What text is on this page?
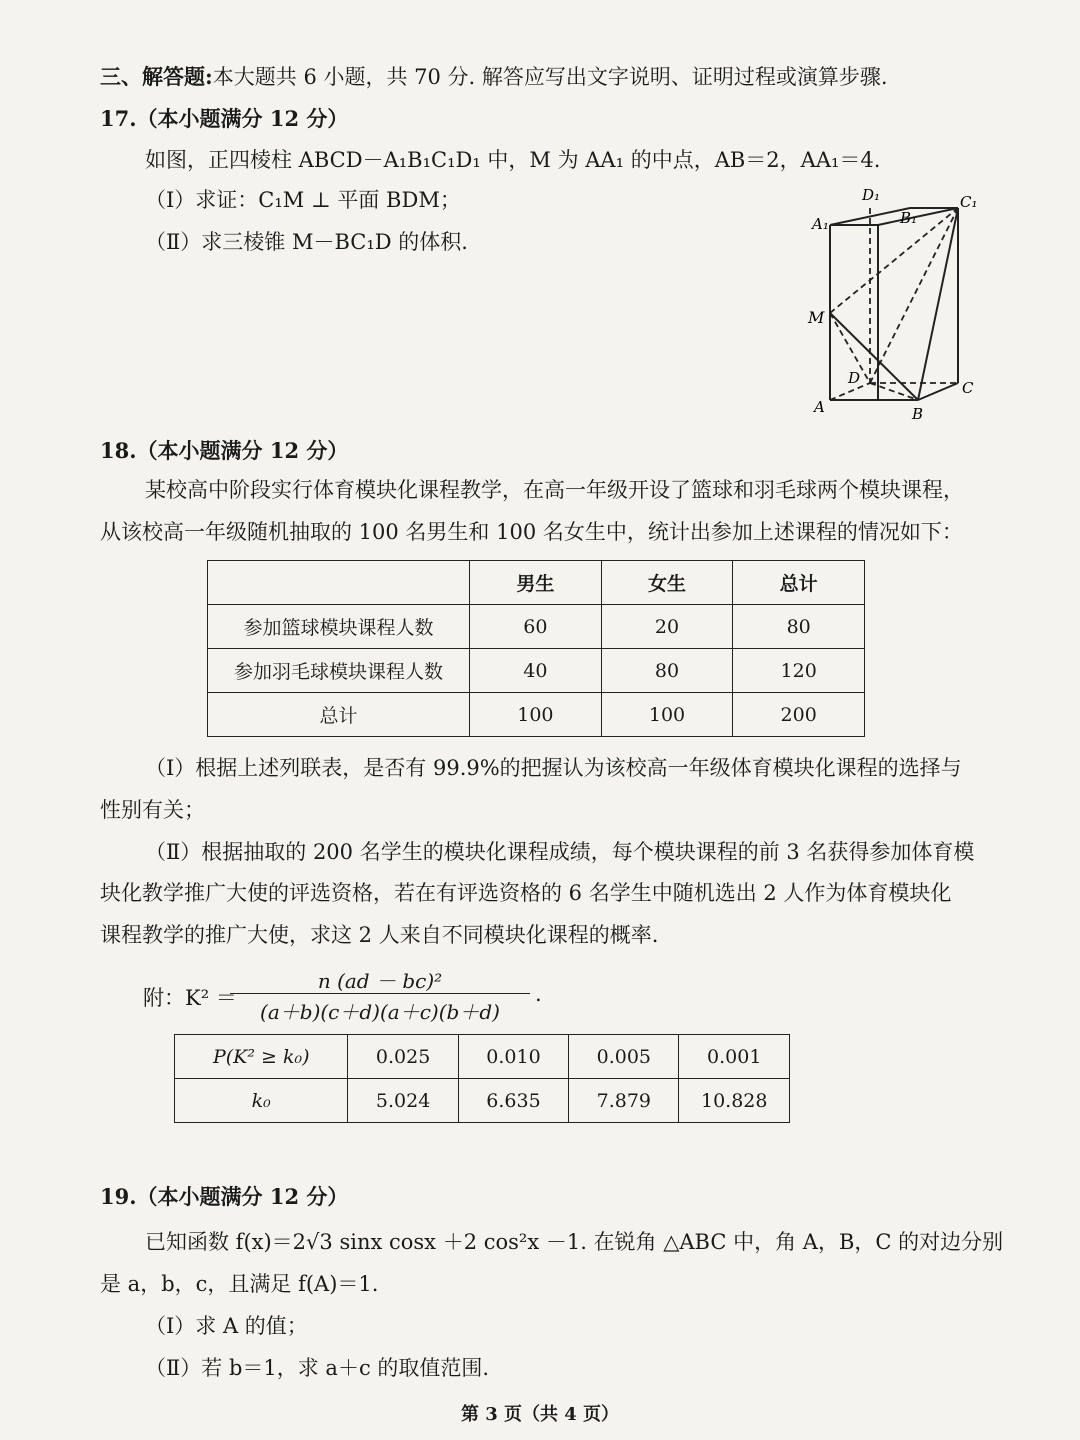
三、解答题:本大题共 6 小题，共 70 分. 解答应写出文字说明、证明过程或演算步骤.
17.（本小题满分 12 分）
如图，正四棱柱 ABCD－A₁B₁C₁D₁ 中，M 为 AA₁ 的中点，AB＝2，AA₁＝4.
（Ⅰ）求证：C₁M ⊥ 平面 BDM；
（Ⅱ）求三棱锥 M－BC₁D 的体积.
D₁	C₁
A₁	B₁
M
D
C
A	B
18.（本小题满分 12 分）
某校高中阶段实行体育模块化课程教学，在高一年级开设了篮球和羽毛球两个模块课程，
从该校高一年级随机抽取的 100 名男生和 100 名女生中，统计出参加上述课程的情况如下：
	男生	女生	总计
参加篮球模块课程人数	60	20	80
参加羽毛球模块课程人数	40	80	120
总计	100	100	200
（Ⅰ）根据上述列联表，是否有 99.9%的把握认为该校高一年级体育模块化课程的选择与
性别有关；
（Ⅱ）根据抽取的 200 名学生的模块化课程成绩，每个模块课程的前 3 名获得参加体育模
块化教学推广大使的评选资格，若在有评选资格的 6 名学生中随机选出 2 人作为体育模块化
课程教学的推广大使，求这 2 人来自不同模块化课程的概率.
附：K² ＝
n (ad － bc)²
(a＋b)(c＋d)(a＋c)(b＋d)
.
P(K² ≥ k₀)	0.025	0.010	0.005	0.001
k₀	5.024	6.635	7.879	10.828
19.（本小题满分 12 分）
已知函数 f(x)＝2√3 sinx cosx ＋2 cos²x －1. 在锐角 △ABC 中，角 A，B，C 的对边分别
是 a，b，c，且满足 f(A)＝1.
（Ⅰ）求 A 的值；
（Ⅱ）若 b＝1，求 a＋c 的取值范围.
第 3 页（共 4 页）
